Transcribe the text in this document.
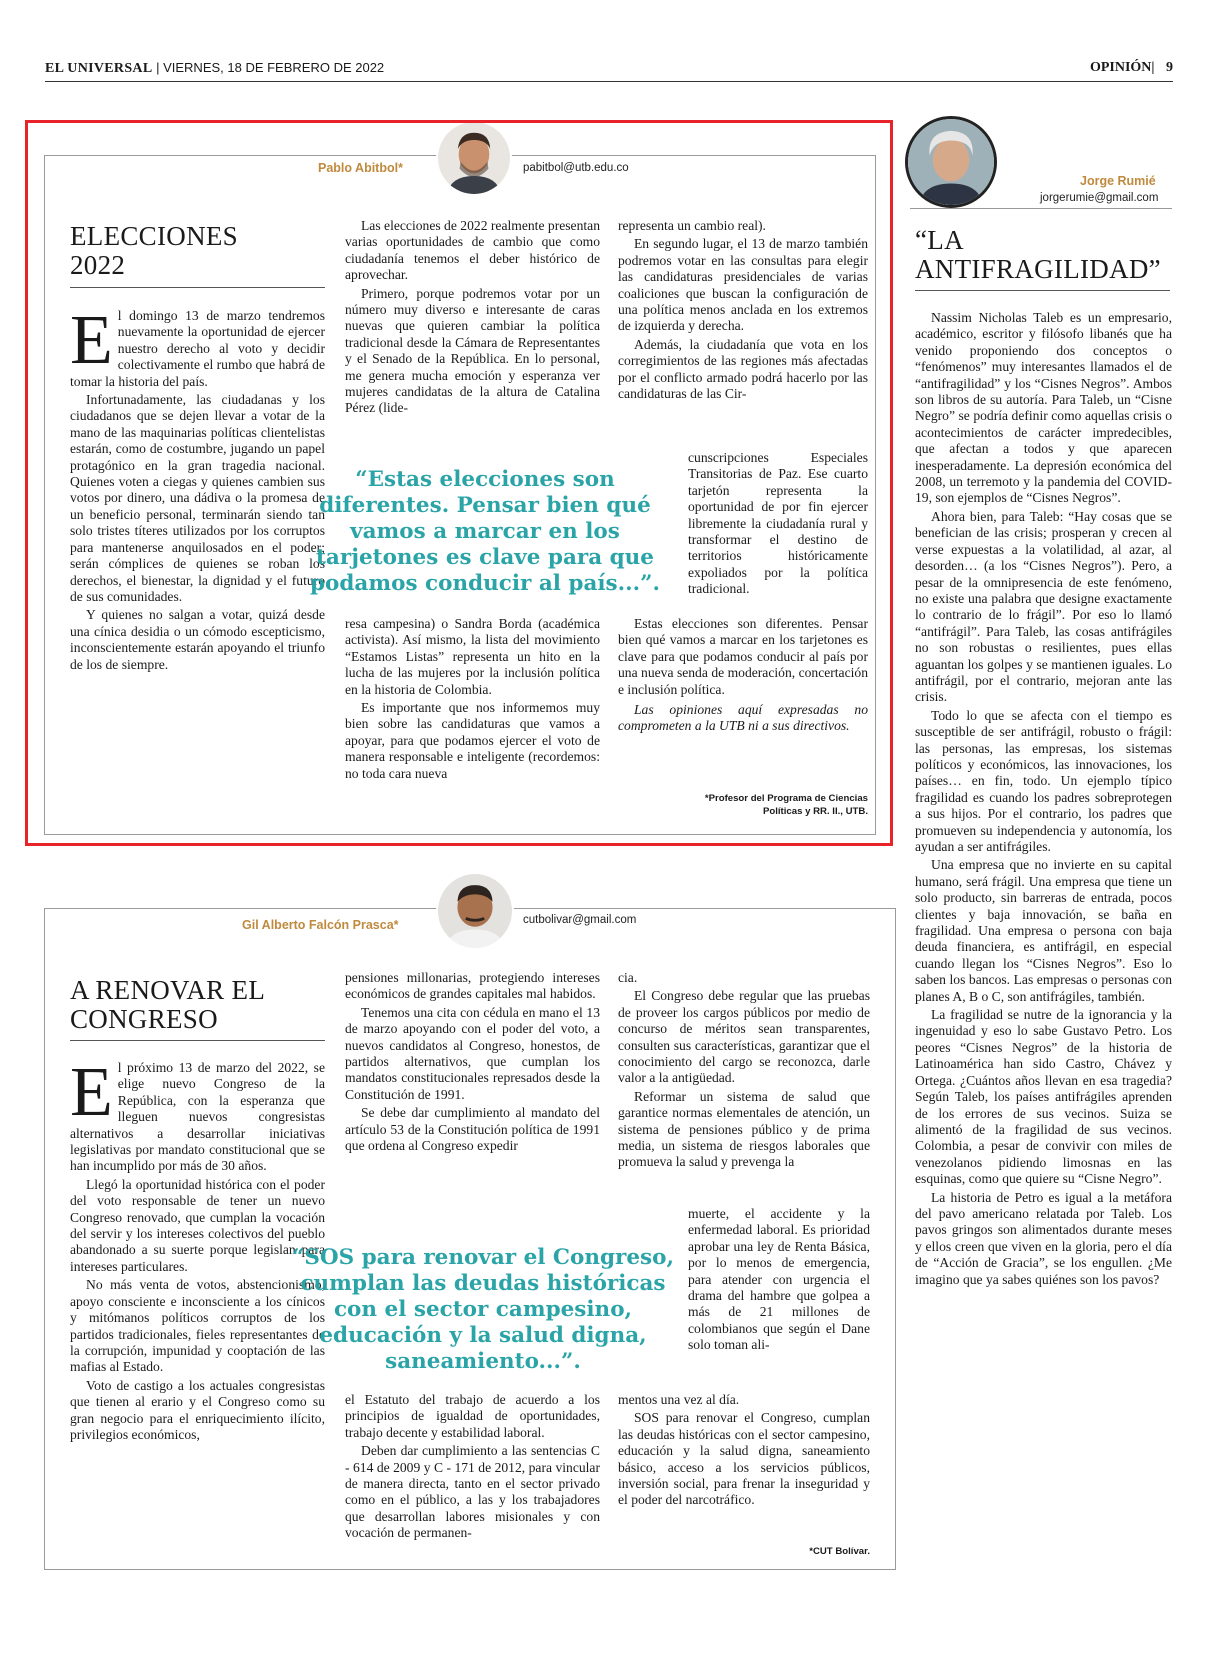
EL UNIVERSAL | VIERNES, 18 DE FEBRERO DE 2022	OPINIÓN| 9
Pablo Abitbol*	pabitbol@utb.edu.co
ELECCIONES
2022

El domingo 13 de marzo tendremos nuevamente la oportunidad de ejercer nuestro derecho al voto y decidir colectivamente el rumbo que habrá de tomar la historia del país.

Infortunadamente, las ciudadanas y los ciudadanos que se dejen llevar a votar de la mano de las maquinarias políticas clientelistas estarán, como de costumbre, jugando un papel protagónico en la gran tragedia nacional. Quienes voten a ciegas y quienes cambien sus votos por dinero, una dádiva o la promesa de un beneficio personal, terminarán siendo tan solo tristes títeres utilizados por los corruptos para mantenerse anquilosados en el poder; serán cómplices de quienes se roban los derechos, el bienestar, la dignidad y el futuro de sus comunidades.

Y quienes no salgan a votar, quizá desde una cínica desidia o un cómodo escepticismo, inconscientemente estarán apoyando el triunfo de los de siempre.

Las elecciones de 2022 realmente presentan varias oportunidades de cambio que como ciudadanía tenemos el deber histórico de aprovechar.

Primero, porque podremos votar por un número muy diverso e interesante de caras nuevas que quieren cambiar la política tradicional desde la Cámara de Representantes y el Senado de la República. En lo personal, me genera mucha emoción y esperanza ver mujeres candidatas de la altura de Catalina Pérez (lide-

resa campesina) o Sandra Borda (académica activista). Así mismo, la lista del movimiento “Estamos Listas” representa un hito en la lucha de las mujeres por la inclusión política en la historia de Colombia.

Es importante que nos informemos muy bien sobre las candidaturas que vamos a apoyar, para que podamos ejercer el voto de manera responsable e inteligente (recordemos: no toda cara nueva

representa un cambio real).

En segundo lugar, el 13 de marzo también podremos votar en las consultas para elegir las candidaturas presidenciales de varias coaliciones que buscan la configuración de una política menos anclada en los extremos de izquierda y derecha.

Además, la ciudadanía que vota en los corregimientos de las regiones más afectadas por el conflicto armado podrá hacerlo por las candidaturas de las Cir-

cunscripciones Especiales Transitorias de Paz. Ese cuarto tarjetón representa la oportunidad de por fin ejercer libremente la ciudadanía rural y transformar el destino de territorios históricamente expoliados por la política tradicional.

Estas elecciones son diferentes. Pensar bien qué vamos a marcar en los tarjetones es clave para que podamos conducir al país por una nueva senda de moderación, concertación e inclusión política.

Las opiniones aquí expresadas no comprometen a la UTB ni a sus directivos.

*Profesor del Programa de Ciencias
Políticas y RR. II., UTB.
“Estas elecciones son diferentes. Pensar bien qué vamos a marcar en los tarjetones es clave para que podamos conducir al país...”.
Gil Alberto Falcón Prasca*	cutbolivar@gmail.com
A RENOVAR EL
CONGRESO

El próximo 13 de marzo del 2022, se elige nuevo Congreso de la República, con la esperanza que lleguen nuevos congresistas alternativos a desarrollar iniciativas legislativas por mandato constitucional que se han incumplido por más de 30 años.

Llegó la oportunidad histórica con el poder del voto responsable de tener un nuevo Congreso renovado, que cumplan la vocación del servir y los intereses colectivos del pueblo abandonado a su suerte porque legislan para intereses particulares.

No más venta de votos, abstencionismo, apoyo consciente e inconsciente a los cínicos y mitómanos políticos corruptos de los partidos tradicionales, fieles representantes de la corrupción, impunidad y cooptación de las mafias al Estado.

Voto de castigo a los actuales congresistas que tienen al erario y el Congreso como su gran negocio para el enriquecimiento ilícito, privilegios económicos,

pensiones millonarias, protegiendo intereses económicos de grandes capitales mal habidos.

Tenemos una cita con cédula en mano el 13 de marzo apoyando con el poder del voto, a nuevos candidatos al Congreso, honestos, de partidos alternativos, que cumplan los mandatos constitucionales represados desde la Constitución de 1991.

Se debe dar cumplimiento al mandato del artículo 53 de la Constitución política de 1991 que ordena al Congreso expedir

el Estatuto del trabajo de acuerdo a los principios de igualdad de oportunidades, trabajo decente y estabilidad laboral.

Deben dar cumplimiento a las sentencias C - 614 de 2009 y C - 171 de 2012, para vincular de manera directa, tanto en el sector privado como en el público, a las y los trabajadores que desarrollan labores misionales y con vocación de permanen-

cia.

El Congreso debe regular que las pruebas de proveer los cargos públicos por medio de concurso de méritos sean transparentes, consulten sus características, garantizar que el conocimiento del cargo se reconozca, darle valor a la antigüedad.

Reformar un sistema de salud que garantice normas elementales de atención, un sistema de pensiones público y de prima media, un sistema de riesgos laborales que promueva la salud y prevenga la

muerte, el accidente y la enfermedad laboral. Es prioridad aprobar una ley de Renta Básica, por lo menos de emergencia, para atender con urgencia el drama del hambre que golpea a más de 21 millones de colombianos que según el Dane solo toman ali-

mentos una vez al día.

SOS para renovar el Congreso, cumplan las deudas históricas con el sector campesino, educación y la salud digna, saneamiento básico, acceso a los servicios públicos, inversión social, para frenar la inseguridad y el poder del narcotráfico.

*CUT Bolívar.
“SOS para renovar el Congreso, cumplan las deudas históricas con el sector campesino, educación y la salud digna, saneamiento...”.
Jorge Rumié
jorgerumie@gmail.com
“LA
ANTIFRAGILIDAD”

Nassim Nicholas Taleb es un empresario, académico, escritor y filósofo libanés que ha venido proponiendo dos conceptos o “fenómenos” muy interesantes llamados el de “antifragilidad” y los “Cisnes Negros”. Ambos son libros de su autoría. Para Taleb, un “Cisne Negro” se podría definir como aquellas crisis o acontecimientos de carácter impredecibles, que afectan a todos y que aparecen inesperadamente. La depresión económica del 2008, un terremoto y la pandemia del COVID-19, son ejemplos de “Cisnes Negros”.

Ahora bien, para Taleb: “Hay cosas que se benefician de las crisis; prosperan y crecen al verse expuestas a la volatilidad, al azar, al desorden… (a los “Cisnes Negros”). Pero, a pesar de la omnipresencia de este fenómeno, no existe una palabra que designe exactamente lo contrario de lo frágil”. Por eso lo llamó “antifrágil”. Para Taleb, las cosas antifrágiles no son robustas o resilientes, pues ellas aguantan los golpes y se mantienen iguales. Lo antifrágil, por el contrario, mejoran ante las crisis.

Todo lo que se afecta con el tiempo es susceptible de ser antifrágil, robusto o frágil: las personas, las empresas, los sistemas políticos y económicos, las innovaciones, los países… en fin, todo. Un ejemplo típico fragilidad es cuando los padres sobreprotegen a sus hijos. Por el contrario, los padres que promueven su independencia y autonomía, los ayudan a ser antifrágiles.

Una empresa que no invierte en su capital humano, será frágil. Una empresa que tiene un solo producto, sin barreras de entrada, pocos clientes y baja innovación, se baña en fragilidad. Una empresa o persona con baja deuda financiera, es antifrágil, en especial cuando llegan los “Cisnes Negros”. Eso lo saben los bancos. Las empresas o personas con planes A, B o C, son antifrágiles, también.

La fragilidad se nutre de la ignorancia y la ingenuidad y eso lo sabe Gustavo Petro. Los peores “Cisnes Negros” de la historia de Latinoamérica han sido Castro, Chávez y Ortega. ¿Cuántos años llevan en esa tragedia? Según Taleb, los países antifrágiles aprenden de los errores de sus vecinos. Suiza se alimentó de la fragilidad de sus vecinos. Colombia, a pesar de convivir con miles de venezolanos pidiendo limosnas en las esquinas, como que quiere su “Cisne Negro”.

La historia de Petro es igual a la metáfora del pavo americano relatada por Taleb. Los pavos gringos son alimentados durante meses y ellos creen que viven en la gloria, pero el día de “Acción de Gracia”, se los engullen. ¿Me imagino que ya sabes quiénes son los pavos?
